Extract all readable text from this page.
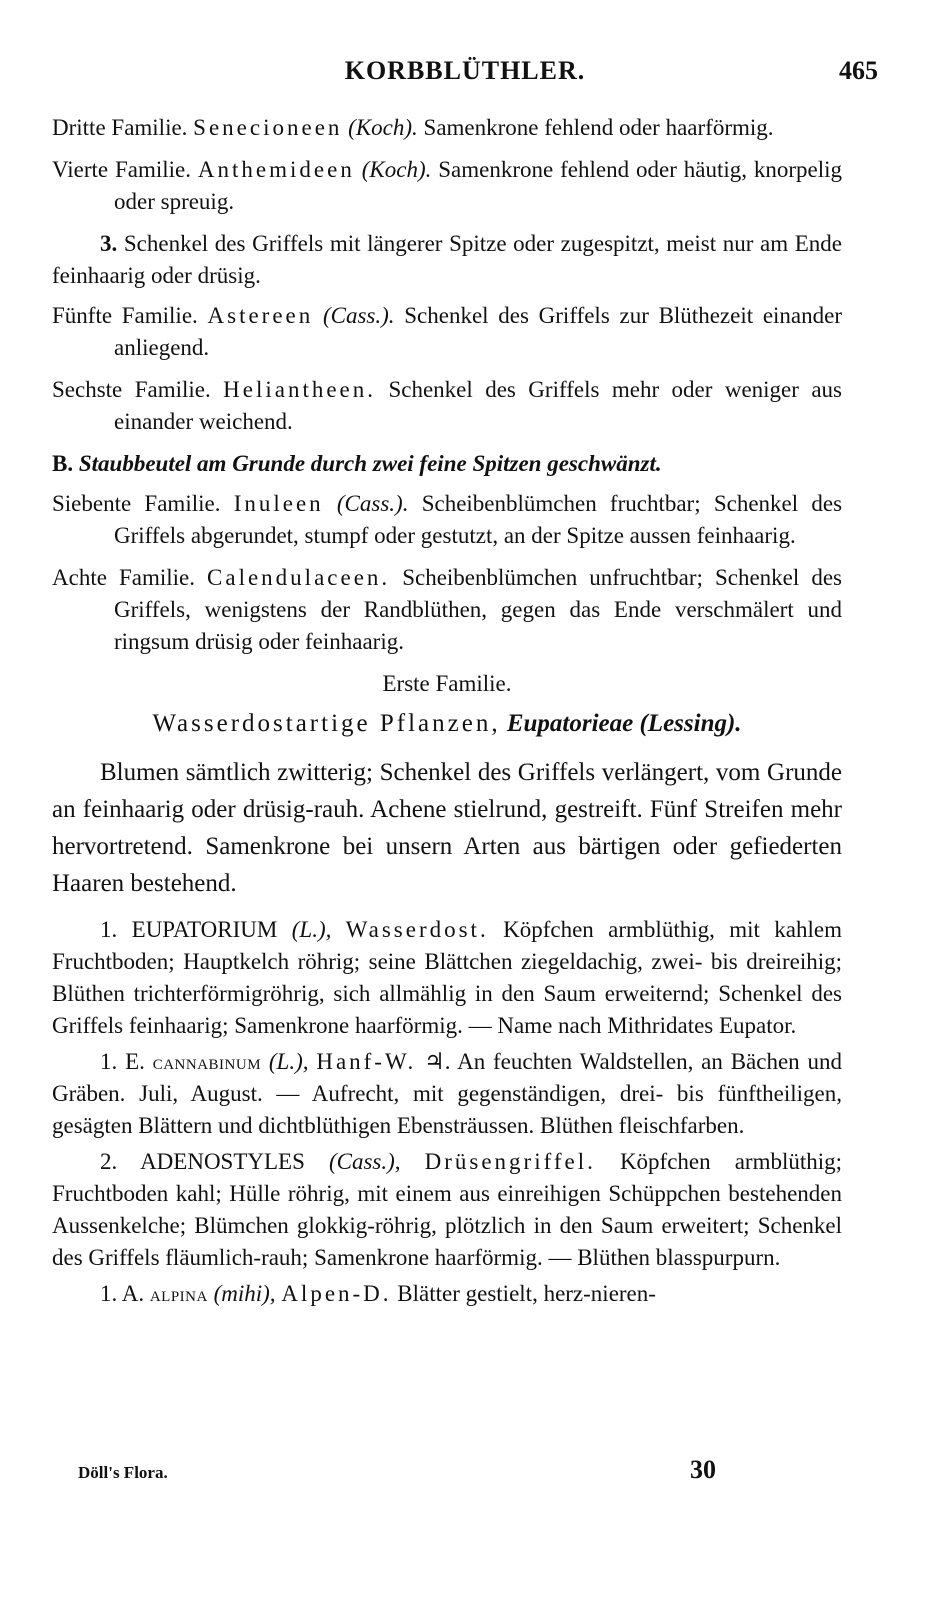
KORBBLÜTHLER.	465

Dritte Familie. Senecioneen (Koch). Samenkrone fehlend oder haarförmig.

Vierte Familie. Anthemideen (Koch). Samenkrone fehlend oder häutig, knorpelig oder spreuig.

3. Schenkel des Griffels mit längerer Spitze oder zugespitzt, meist nur am Ende feinhaarig oder drüsig.

Fünfte Familie. Astereen (Cass.). Schenkel des Griffels zur Blüthezeit einander anliegend.

Sechste Familie. Heliantheen. Schenkel des Griffels mehr oder weniger aus einander weichend.

B. Staubbeutel am Grunde durch zwei feine Spitzen geschwänzt.

Siebente Familie. Inuleen (Cass.). Scheibenblümchen fruchtbar; Schenkel des Griffels abgerundet, stumpf oder gestutzt, an der Spitze aussen feinhaarig.

Achte Familie. Calendulaceen. Scheibenblümchen unfruchtbar; Schenkel des Griffels, wenigstens der Randblüthen, gegen das Ende verschmälert und ringsum drüsig oder feinhaarig.

Erste Familie.

Wasserdostartige Pflanzen, Eupatorieae (Lessing).

Blumen sämtlich zwitterig; Schenkel des Griffels verlängert, vom Grunde an feinhaarig oder drüsig-rauh. Achene stielrund, gestreift. Fünf Streifen mehr hervortretend. Samenkrone bei unsern Arten aus bärtigen oder gefiederten Haaren bestehend.

1. EUPATORIUM (L.), Wasserdost. Köpfchen armblüthig, mit kahlem Fruchtboden; Hauptkelch röhrig; seine Blättchen ziegeldachig, zwei- bis dreireihig; Blüthen trichterförmigröhrig, sich allmählig in den Saum erweiternd; Schenkel des Griffels feinhaarig; Samenkrone haarförmig. — Name nach Mithridates Eupator.

1. E. cannabinum (L.), Hanf-W. ♃. An feuchten Waldstellen, an Bächen und Gräben. Juli, August. — Aufrecht, mit gegenständigen, drei- bis fünftheiligen, gesägten Blättern und dichtblüthigen Ebensträussen. Blüthen fleischfarben.

2. ADENOSTYLES (Cass.), Drüsengriffel. Köpfchen armblüthig; Fruchtboden kahl; Hülle röhrig, mit einem aus einreihigen Schüppchen bestehenden Aussenkelche; Blümchen glokkig-röhrig, plötzlich in den Saum erweitert; Schenkel des Griffels fläumlich-rauh; Samenkrone haarförmig. — Blüthen blasspurpurn.

1. A. alpina (mihi), Alpen-D. Blätter gestielt, herz-nieren-

Döll's Flora.	30
